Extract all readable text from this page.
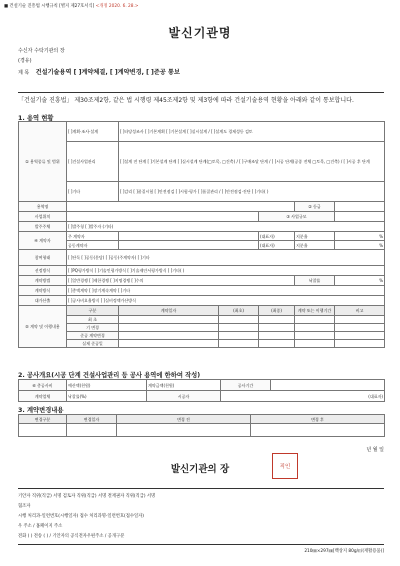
■ 건설기술 진흥법 시행규칙 [별지 제27호서식] <개정 2020. 6. 28.>
발신기관명
수신자 수탁기관의 장
(경유)
제 목 건설기술용역 [ ]계약체결, [ ]계약변경, [ ]준공 통보
「건설기술 진흥법」 제30조제2항, 같은 법 시행령 제45조제2항 및 제3항에 따라 건설기술용역 현황을 아래와 같이 통보합니다.
1. 용역 현황
① 용역종류 및 범위	[ ]계획·조사·설계	[ ]타당성조사 [ ]기본계획 [ ]기본설계 [ ]실시설계 / [ ]설계도 경제성등 검토				
	[ ]건설사업관리	[ ]설계 전 단계 [ ]기본설계 단계 [ ]실시설계 단계(□토목, □건축) / [ ]구매조달 단계 / [ ]시공 단계(공종 전체 □토목, □건축) / [ ]시공 후 단계				
	[ ]기타	[ ]감리 [ ]품질시험 [ ]안전점검 [ ]시험·평가 [ ]품질관리 / [ ]안전점검·진단 [ ]기타( )				
용역명					② 등급	
사업위치				③ 사업규모		
발주주체	[ ]발주청 [ ]발주자 (기타)					
④ 계약자	주 계약자			(대표자)	지분율	%
	공동계약자			(대표자)	지분율	%
참여형태	[ ]단독 [ ]공동(분담) [ ]공동(주계약자) [ ]기타					
선정방식	[ ]PQ평가방식 [ ]기술인평가방식 [ ]기술제안서평가방식 [ ]기타( )					
계약방법	[ ]일반경쟁 [ ]제한경쟁 [ ]지명경쟁 [ ]수의				낙찰률	%
계약방식	[ ]총액계약 [ ]장기계속계약 [ ]기타					
대가산출	[ ]공사비요율방식 [ ]실비정액가산방식					
⑤ 계약 및 이행내용	구분	계약일자	(최초)	(최종)	계약 또는 이행기간	비고
	최 초					
	기 변경					
	준공 계약변경					
	실제 준공일					
2. 공사개요(시공 단계 건설사업관리 등 공사 용역에 한하여 작성)
⑥ 총공사비	예산액(천원)	계약금액(천원)	공사기간	
계약업체	낙찰률(%)	시공자	(대표자)	
3. 계약변경내용
변경구분	변경일자	변경 전	변경 후

년 월 일
발신기관의 장	직인
기안자 직위(직급) 서명 검토자 직위(직급) 서명 결재권자 직위(직급) 서명
협조자
시행 처리과-일련번호(시행일자) 접수 처리과명-일련번호(접수일자)
우 주소 / 홈페이지 주소
전화 ( ) 전송 ( ) / 기안자의 공식전자우편주소 / 공개구분
210㎜×297㎜[백상지 80g/㎡(재활용품)]
